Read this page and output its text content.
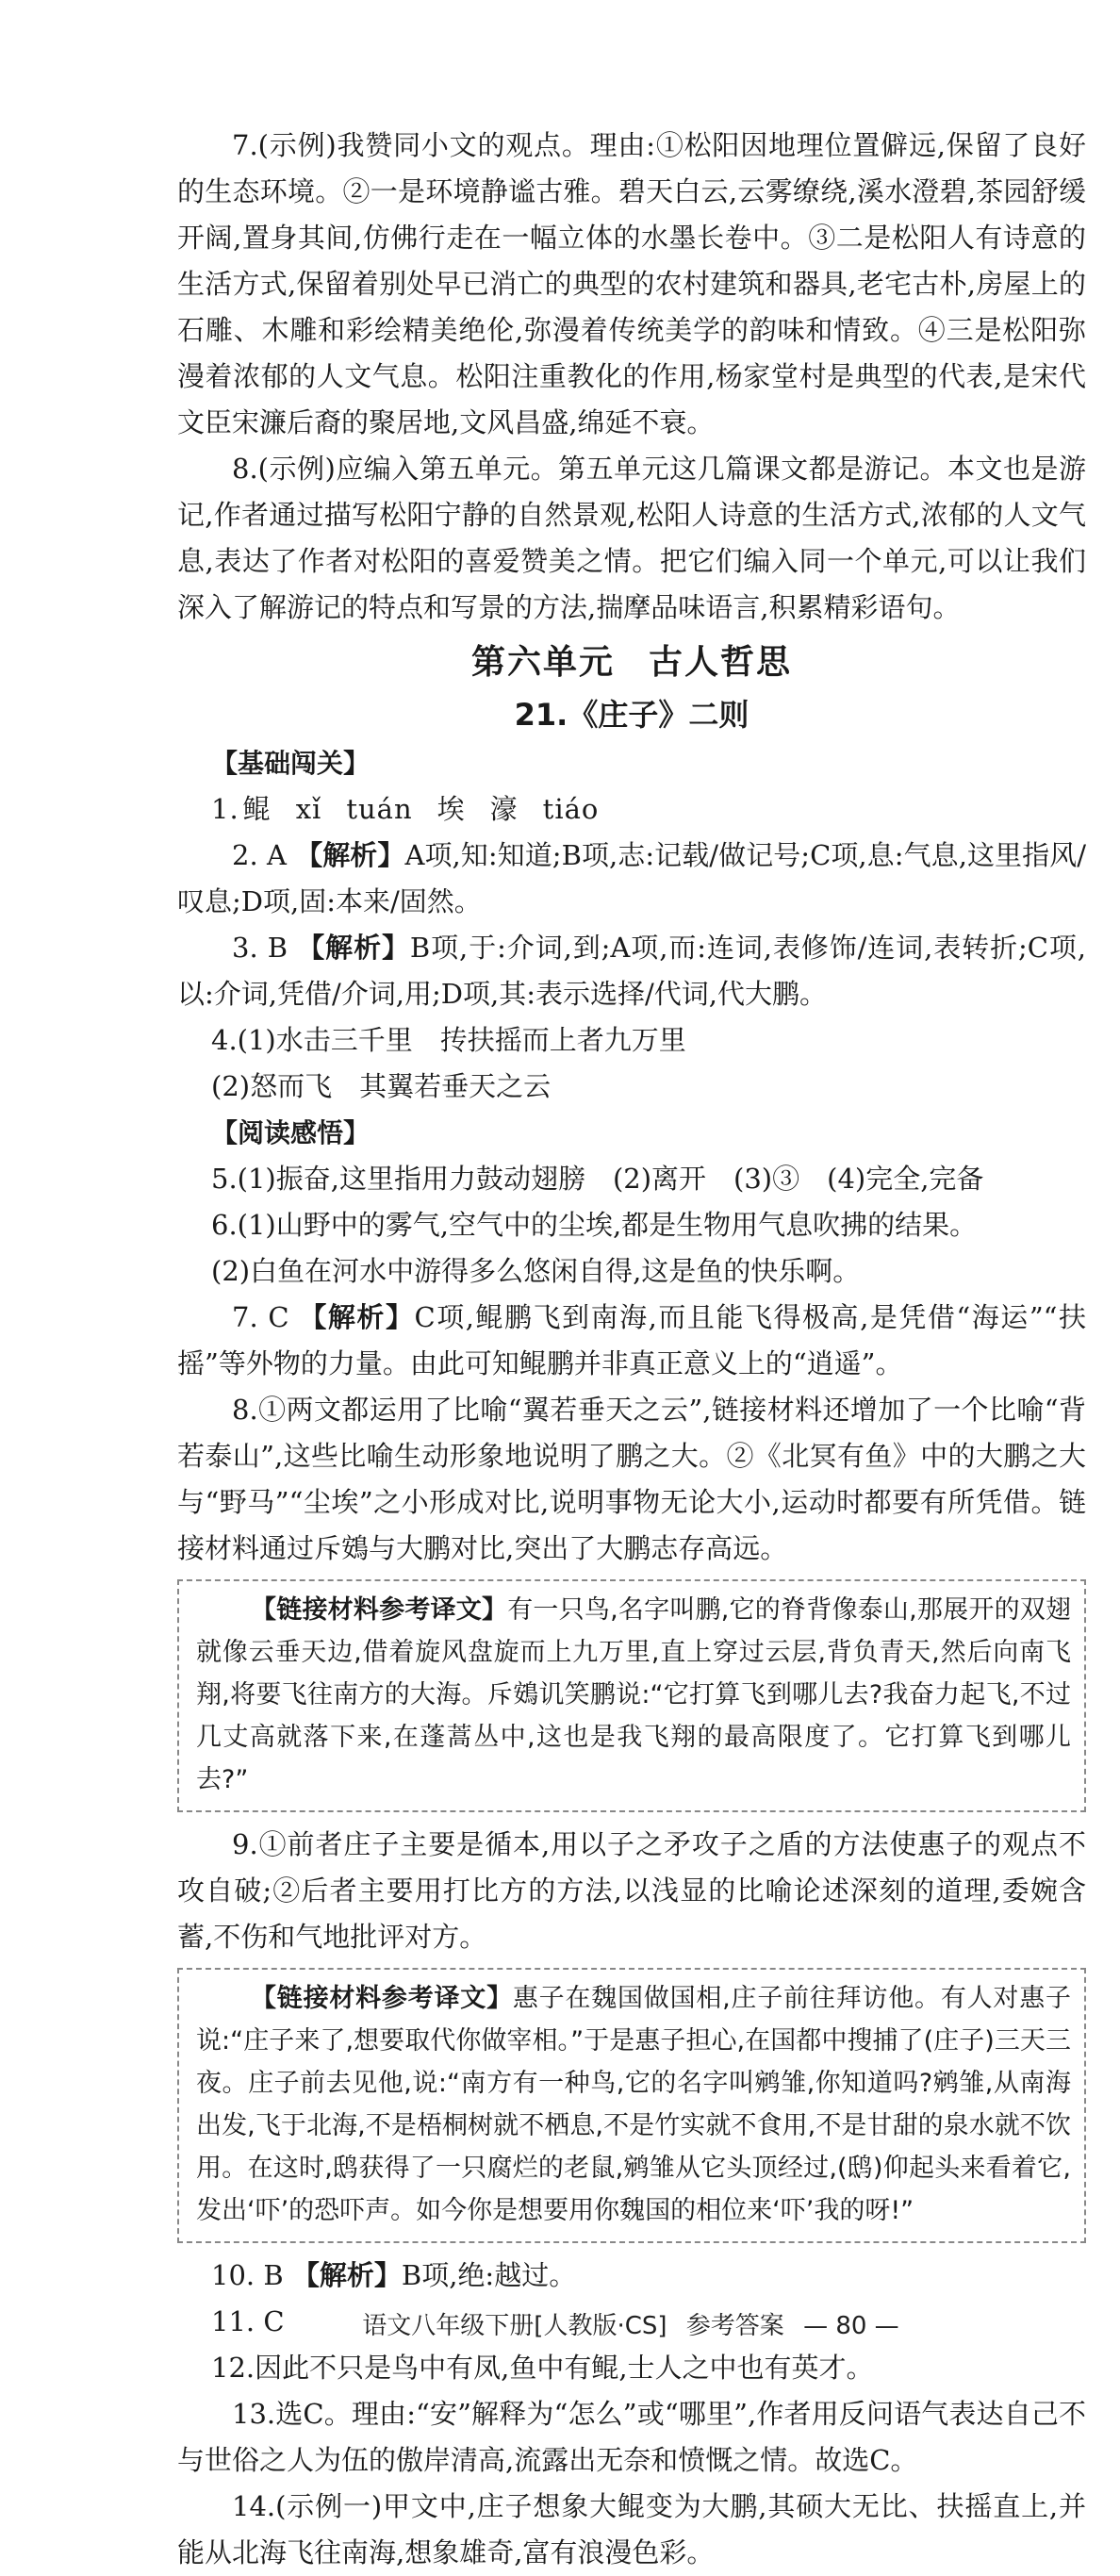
7.(示例)我赞同小文的观点。理由:①松阳因地理位置僻远,保留了良好的生态环境。②一是环境静谧古雅。碧天白云,云雾缭绕,溪水澄碧,茶园舒缓开阔,置身其间,仿佛行走在一幅立体的水墨长卷中。③二是松阳人有诗意的生活方式,保留着别处早已消亡的典型的农村建筑和器具,老宅古朴,房屋上的石雕、木雕和彩绘精美绝伦,弥漫着传统美学的韵味和情致。④三是松阳弥漫着浓郁的人文气息。松阳注重教化的作用,杨家堂村是典型的代表,是宋代文臣宋濂后裔的聚居地,文风昌盛,绵延不衰。

8.(示例)应编入第五单元。第五单元这几篇课文都是游记。本文也是游记,作者通过描写松阳宁静的自然景观,松阳人诗意的生活方式,浓郁的人文气息,表达了作者对松阳的喜爱赞美之情。把它们编入同一个单元,可以让我们深入了解游记的特点和写景的方法,揣摩品味语言,积累精彩语句。

第六单元 古人哲思
21.《庄子》二则
【基础闯关】

1. 鲲 xǐ tuán 埃 濠 tiáo

2. A 【解析】A项,知:知道;B项,志:记载/做记号;C项,息:气息,这里指风/叹息;D项,固:本来/固然。

3. B 【解析】B项,于:介词,到;A项,而:连词,表修饰/连词,表转折;C项,以:介词,凭借/介词,用;D项,其:表示选择/代词,代大鹏。

4.(1)水击三千里　抟扶摇而上者九万里

(2)怒而飞　其翼若垂天之云

【阅读感悟】

5.(1)振奋,这里指用力鼓动翅膀　(2)离开　(3)③　(4)完全,完备

6.(1)山野中的雾气,空气中的尘埃,都是生物用气息吹拂的结果。

(2)白鱼在河水中游得多么悠闲自得,这是鱼的快乐啊。

7. C 【解析】C项,鲲鹏飞到南海,而且能飞得极高,是凭借“海运”“扶摇”等外物的力量。由此可知鲲鹏并非真正意义上的“逍遥”。

8.①两文都运用了比喻“翼若垂天之云”,链接材料还增加了一个比喻“背若泰山”,这些比喻生动形象地说明了鹏之大。②《北冥有鱼》中的大鹏之大与“野马”“尘埃”之小形成对比,说明事物无论大小,运动时都要有所凭借。链接材料通过斥鴳与大鹏对比,突出了大鹏志存高远。

【链接材料参考译文】有一只鸟,名字叫鹏,它的脊背像泰山,那展开的双翅就像云垂天边,借着旋风盘旋而上九万里,直上穿过云层,背负青天,然后向南飞翔,将要飞往南方的大海。斥鴳讥笑鹏说:“它打算飞到哪儿去?我奋力起飞,不过几丈高就落下来,在蓬蒿丛中,这也是我飞翔的最高限度了。它打算飞到哪儿去?”

9.①前者庄子主要是循本,用以子之矛攻子之盾的方法使惠子的观点不攻自破;②后者主要用打比方的方法,以浅显的比喻论述深刻的道理,委婉含蓄,不伤和气地批评对方。

【链接材料参考译文】惠子在魏国做国相,庄子前往拜访他。有人对惠子说:“庄子来了,想要取代你做宰相。”于是惠子担心,在国都中搜捕了(庄子)三天三夜。庄子前去见他,说:“南方有一种鸟,它的名字叫鹓雏,你知道吗?鹓雏,从南海出发,飞于北海,不是梧桐树就不栖息,不是竹实就不食用,不是甘甜的泉水就不饮用。在这时,鸱获得了一只腐烂的老鼠,鹓雏从它头顶经过,(鸱)仰起头来看着它,发出‘吓’的恐吓声。如今你是想要用你魏国的相位来‘吓’我的呀!”

10. B 【解析】B项,绝:越过。

11. C

12.因此不只是鸟中有凤,鱼中有鲲,士人之中也有英才。

13.选C。理由:“安”解释为“怎么”或“哪里”,作者用反问语气表达自己不与世俗之人为伍的傲岸清高,流露出无奈和愤慨之情。故选C。

14.(示例一)甲文中,庄子想象大鲲变为大鹏,其硕大无比、扶摇直上,并能从北海飞往南海,想象雄奇,富有浪漫色彩。

语文八年级下册[人教版·CS] 参考答案 — 80 —
